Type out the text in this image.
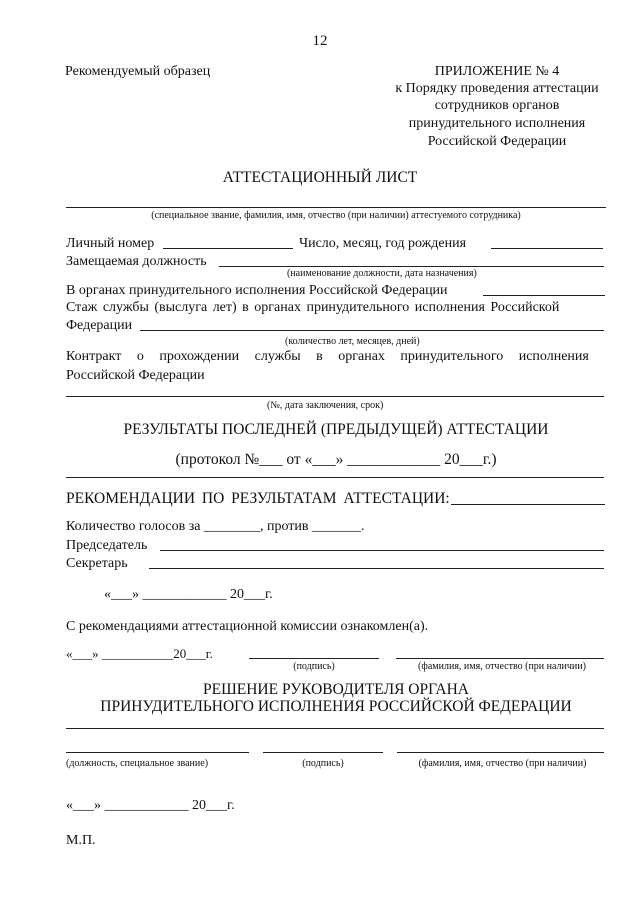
12
Рекомендуемый образец	ПРИЛОЖЕНИЕ № 4
к Порядку проведения аттестации
сотрудников органов
принудительного исполнения
Российской Федерации
АТТЕСТАЦИОННЫЙ ЛИСТ
(специальное звание, фамилия, имя, отчество (при наличии) аттестуемого сотрудника)
Личный номер	Число, месяц, год рождения
Замещаемая должность
(наименование должности, дата назначения)
В органах принудительного исполнения Российской Федерации
Стаж службы (выслуга лет) в органах принудительного исполнения Российской
Федерации
(количество лет, месяцев, дней)
Контракт о прохождении службы в органах принудительного исполнения
Российской Федерации
(№, дата заключения, срок)
РЕЗУЛЬТАТЫ ПОСЛЕДНЕЙ (ПРЕДЫДУЩЕЙ) АТТЕСТАЦИИ
(протокол №___ от «___» ____________ 20___г.)
РЕКОМЕНДАЦИИ ПО РЕЗУЛЬТАТАМ АТТЕСТАЦИИ:
Количество голосов за ________, против _______.
Председатель
Секретарь
«___» ____________ 20___г.
С рекомендациями аттестационной комиссии ознакомлен(а).
«___» ___________20___г.
(подпись)	(фамилия, имя, отчество (при наличии)
РЕШЕНИЕ РУКОВОДИТЕЛЯ ОРГАНА
ПРИНУДИТЕЛЬНОГО ИСПОЛНЕНИЯ РОССИЙСКОЙ ФЕДЕРАЦИИ
(должность, специальное звание)	(подпись)	(фамилия, имя, отчество (при наличии)
«___» ____________ 20___г.
М.П.
